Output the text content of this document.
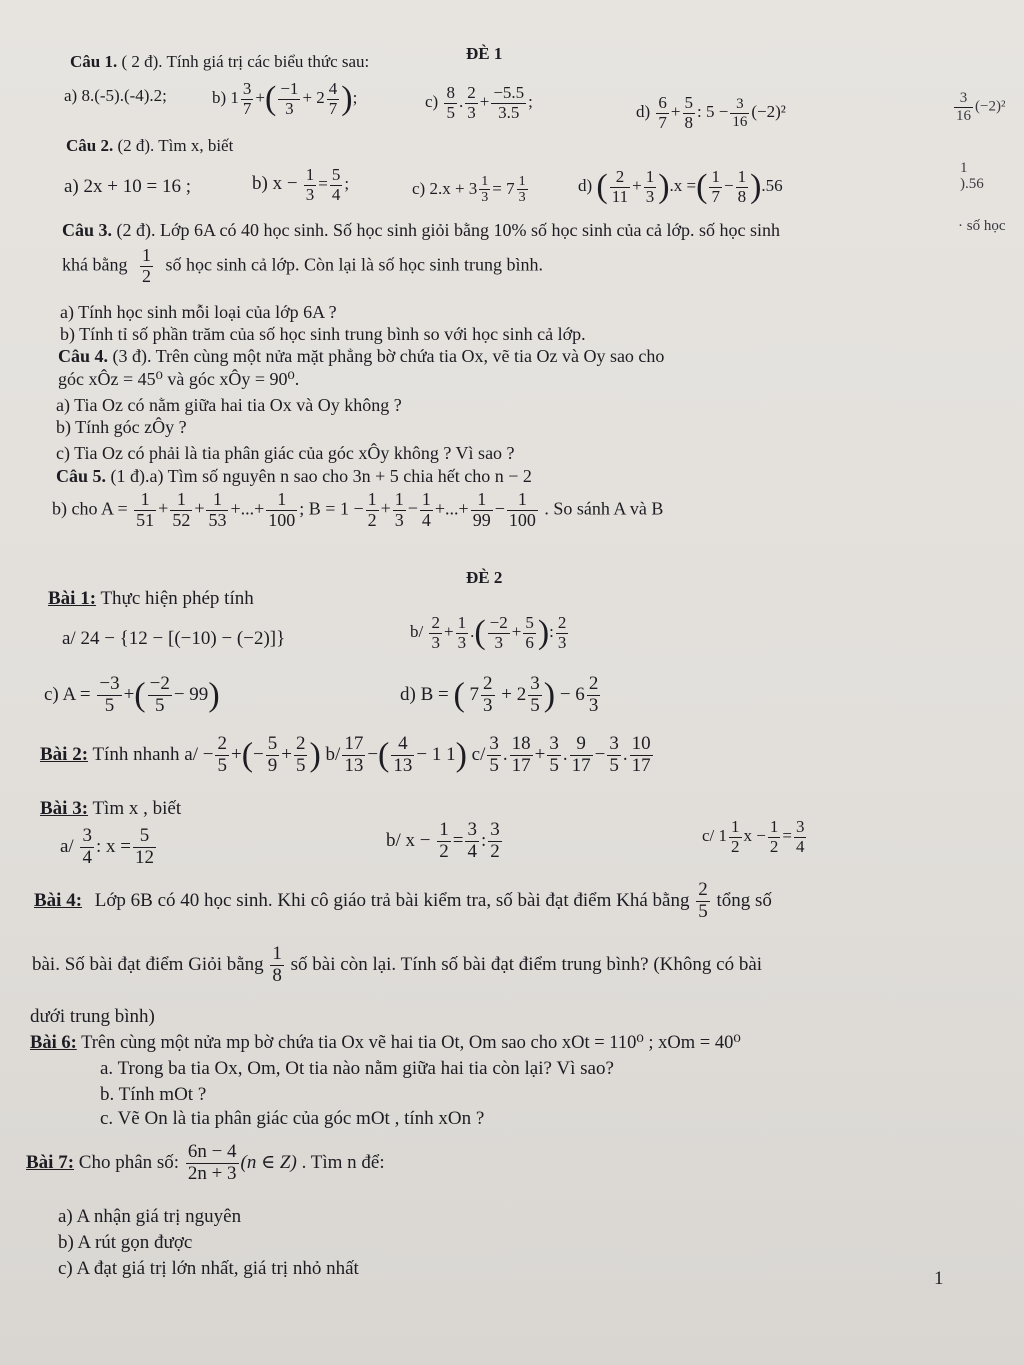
ĐÈ 1
Câu 1. ( 2 đ). Tính giá trị các biểu thức sau:
a) 8.(-5).(-4).2;	b) $1 \frac{3}{7}$ +( $\frac{-1}{3} + 2 \frac{4}{7}$ );	$c) \frac{8}{5}$ . $\frac{2}{3} + \frac{-5.5}{3.5}$ ;
$d) \frac{6}{7} + \frac{5}{8}$ : $5 - \frac{3}{16} (-2)^2$	$\frac{3}{16} (-2)^2$
1
).56
· số học
Câu 2. (2 đ). Tìm x, biết
a) 2x + 10 = 16 ;	b) $x - \frac{1}{3} = \frac{5}{4}$ ;	c) $2.x + 3 \frac{1}{3} = 7 \frac{1}{3}$	d) ( $\frac{2}{11} + \frac{1}{3} ).x$ =( $\frac{1}{7} - \frac{1}{8} ).56$
Câu 3. (2 đ). Lớp 6A có 40 học sinh. Số học sinh giỏi bằng 10% số học sinh của cả lớp. số học sinh
khá bằng $\frac{1}{2}$ số học sinh cả lớp. Còn lại là số học sinh trung bình.
a) Tính học sinh mỗi loại của lớp 6A ?
b) Tính tỉ số phần trăm của số học sinh trung bình so với học sinh cả lớp.
Câu 4. (3 đ). Trên cùng một nửa mặt phẳng bờ chứa tia Ox, vẽ tia Oz và Oy sao cho
góc xÔz = 45⁰ và góc xÔy = 90⁰.
a) Tia Oz có nằm giữa hai tia Ox và Oy không ?
b) Tính góc zÔy ?
c) Tia Oz có phải là tia phân giác của góc xÔy không ? Vì sao ?
Câu 5. (1 đ).a) Tìm số nguyên n sao cho 3n + 5 chia hết cho n − 2
b) cho $A = \frac{1}{51} + \frac{1}{52} + \frac{1}{53}$ +...+ $\frac{1}{100}$ ; $B = 1 - \frac{1}{2} + \frac{1}{3} - \frac{1}{4}$ +...+ $\frac{1}{99} - \frac{1}{100}$ . So sánh A và B
ĐÈ 2
Bài 1: Thực hiện phép tính
a/ 24 − {12 − [(−10) − (−2)]}	$b/ \frac{2}{3} + \frac{1}{3}$ .( $\frac{-2}{3} + \frac{5}{6}$ ): $\frac{2}{3}$
c) $A = \frac{-3}{5}$ +( $\frac{-2}{5} - 99$)	d) B = ( $7 \frac{2}{3} + 2 \frac{3}{5}$ ) − $6 \frac{2}{3}$
Bài 2: Tính nhanh $a/ - \frac{2}{5}$ +(− $\frac{5}{9} + \frac{2}{5}$ ) $b/ \frac{17}{13}$ −( $\frac{4}{13} - 1$ 1) $c/ \frac{3}{5}$ . $\frac{18}{17} + \frac{3}{5}$ . $\frac{9}{17} - \frac{3}{5}$ . $\frac{10}{17}$
Bài 3: Tìm x , biết
$a/ \frac{3}{4}$ : $x = \frac{5}{12}$	b/ $x - \frac{1}{2} = \frac{3}{4}$ : $\frac{3}{2}$	c/ $1 \frac{1}{2}$ $x - \frac{1}{2} = \frac{3}{4}$
Bài 4: Lớp 6B có 40 học sinh. Khi cô giáo trả bài kiểm tra, số bài đạt điểm Khá bằng $\frac{2}{5}$ tổng số
bài. Số bài đạt điểm Giỏi bằng $\frac{1}{8}$ số bài còn lại. Tính số bài đạt điểm trung bình? (Không có bài
dưới trung bình)
Bài 6: Trên cùng một nửa mp bờ chứa tia Ox vẽ hai tia Ot, Om sao cho xOt = 110⁰ ; xOm = 40⁰
a. Trong ba tia Ox, Om, Ot tia nào nằm giữa hai tia còn lại? Vì sao?
b. Tính mOt ?
c. Vẽ On là tia phân giác của góc mOt , tính xOn ?
Bài 7: Cho phân số: $\frac{6n - 4}{2n + 3} (n$ ∈ Z) . Tìm n để:
a) A nhận giá trị nguyên
b) A rút gọn được
c) A đạt giá trị lớn nhất, giá trị nhỏ nhất	1
